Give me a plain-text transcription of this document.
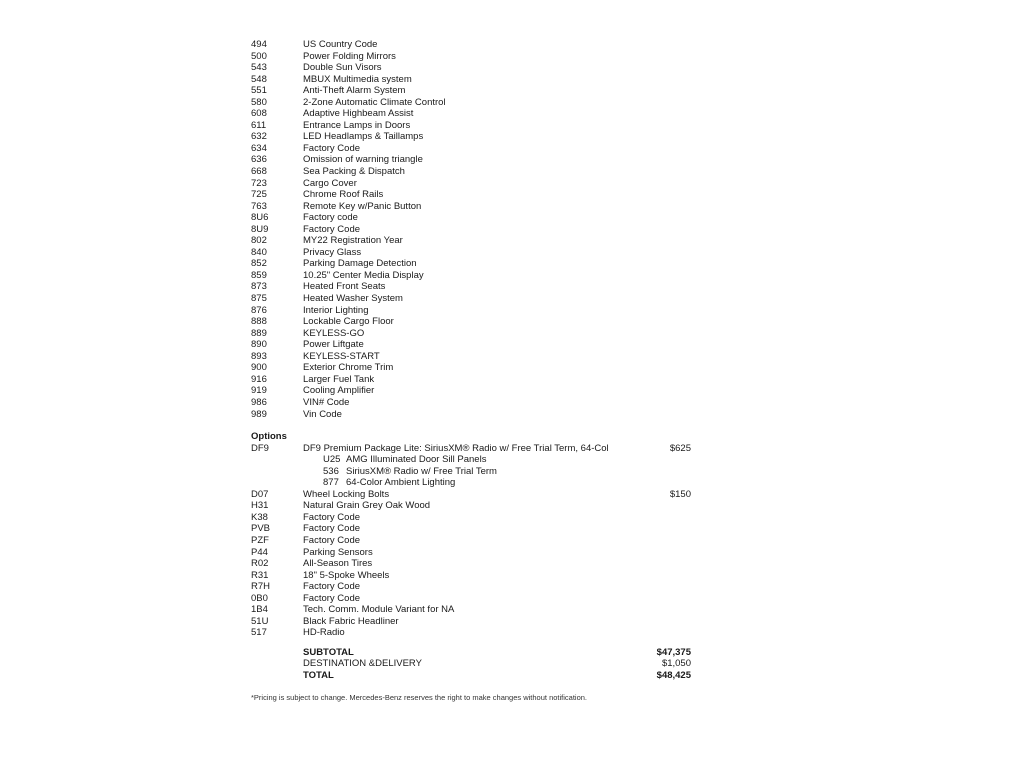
494	US Country Code
500	Power Folding Mirrors
543	Double Sun Visors
548	MBUX Multimedia system
551	Anti-Theft Alarm System
580	2-Zone Automatic Climate Control
608	Adaptive Highbeam Assist
611	Entrance Lamps in Doors
632	LED Headlamps & Taillamps
634	Factory Code
636	Omission of warning triangle
668	Sea Packing & Dispatch
723	Cargo Cover
725	Chrome Roof Rails
763	Remote Key w/Panic Button
8U6	Factory code
8U9	Factory Code
802	MY22 Registration Year
840	Privacy Glass
852	Parking Damage Detection
859	10.25" Center Media Display
873	Heated Front Seats
875	Heated Washer System
876	Interior Lighting
888	Lockable Cargo Floor
889	KEYLESS-GO
890	Power Liftgate
893	KEYLESS-START
900	Exterior Chrome Trim
916	Larger Fuel Tank
919	Cooling Amplifier
986	VIN# Code
989	Vin Code
Options
DF9	DF9 Premium Package Lite: SiriusXM® Radio w/ Free Trial Term, 64-Col	$625
U25 AMG Illuminated Door Sill Panels
536 SiriusXM® Radio w/ Free Trial Term
877 64-Color Ambient Lighting
D07	Wheel Locking Bolts	$150
H31	Natural Grain Grey Oak Wood
K38	Factory Code
PVB	Factory Code
PZF	Factory Code
P44	Parking Sensors
R02	All-Season Tires
R31	18" 5-Spoke Wheels
R7H	Factory Code
0B0	Factory Code
1B4	Tech. Comm. Module Variant for NA
51U	Black Fabric Headliner
517	HD-Radio
SUBTOTAL	$47,375
DESTINATION &DELIVERY	$1,050
TOTAL	$48,425
*Pricing is subject to change. Mercedes-Benz reserves the right to make changes without notification.
